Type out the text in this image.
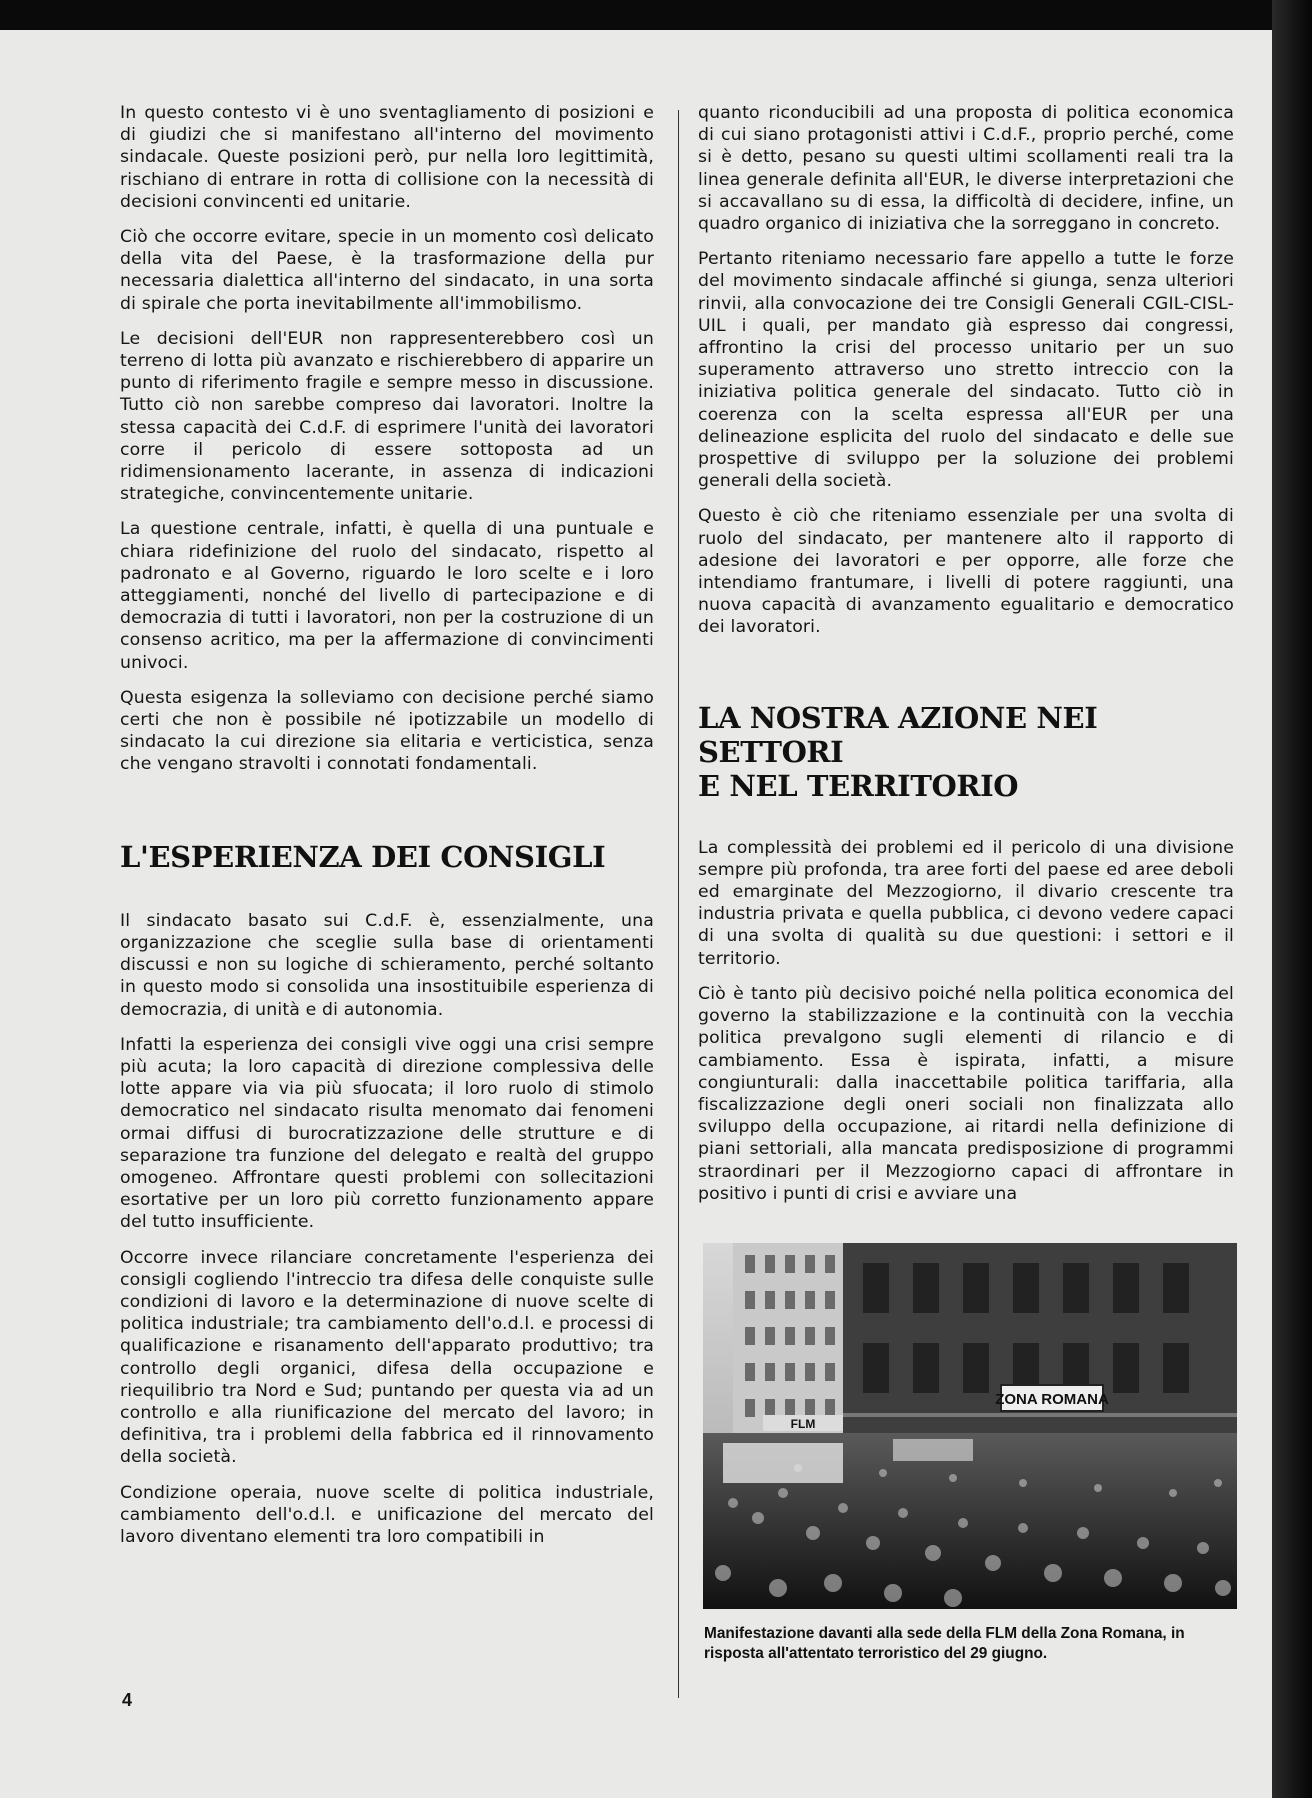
In questo contesto vi è uno sventagliamento di posizioni e di giudizi che si manifestano all'interno del movimento sindacale. Queste posizioni però, pur nella loro legittimità, rischiano di entrare in rotta di collisione con la necessità di decisioni convincenti ed unitarie.

Ciò che occorre evitare, specie in un momento così delicato della vita del Paese, è la trasformazione della pur necessaria dialettica all'interno del sindacato, in una sorta di spirale che porta inevitabilmente all'immobilismo.

Le decisioni dell'EUR non rappresenterebbero così un terreno di lotta più avanzato e rischierebbero di apparire un punto di riferimento fragile e sempre messo in discussione. Tutto ciò non sarebbe compreso dai lavoratori. Inoltre la stessa capacità dei C.d.F. di esprimere l'unità dei lavoratori corre il pericolo di essere sottoposta ad un ridimensionamento lacerante, in assenza di indicazioni strategiche, convincentemente unitarie.

La questione centrale, infatti, è quella di una puntuale e chiara ridefinizione del ruolo del sindacato, rispetto al padronato e al Governo, riguardo le loro scelte e i loro atteggiamenti, nonché del livello di partecipazione e di democrazia di tutti i lavoratori, non per la costruzione di un consenso acritico, ma per la affermazione di convincimenti univoci.

Questa esigenza la solleviamo con decisione perché siamo certi che non è possibile né ipotizzabile un modello di sindacato la cui direzione sia elitaria e verticistica, senza che vengano stravolti i connotati fondamentali.

L'ESPERIENZA DEI CONSIGLI

Il sindacato basato sui C.d.F. è, essenzialmente, una organizzazione che sceglie sulla base di orientamenti discussi e non su logiche di schieramento, perché soltanto in questo modo si consolida una insostituibile esperienza di democrazia, di unità e di autonomia.

Infatti la esperienza dei consigli vive oggi una crisi sempre più acuta; la loro capacità di direzione complessiva delle lotte appare via via più sfuocata; il loro ruolo di stimolo democratico nel sindacato risulta menomato dai fenomeni ormai diffusi di burocratizzazione delle strutture e di separazione tra funzione del delegato e realtà del gruppo omogeneo. Affrontare questi problemi con sollecitazioni esortative per un loro più corretto funzionamento appare del tutto insufficiente.

Occorre invece rilanciare concretamente l'esperienza dei consigli cogliendo l'intreccio tra difesa delle conquiste sulle condizioni di lavoro e la determinazione di nuove scelte di politica industriale; tra cambiamento dell'o.d.l. e processi di qualificazione e risanamento dell'apparato produttivo; tra controllo degli organici, difesa della occupazione e riequilibrio tra Nord e Sud; puntando per questa via ad un controllo e alla riunificazione del mercato del lavoro; in definitiva, tra i problemi della fabbrica ed il rinnovamento della società.

Condizione operaia, nuove scelte di politica industriale, cambiamento dell'o.d.l. e unificazione del mercato del lavoro diventano elementi tra loro compatibili in

quanto riconducibili ad una proposta di politica economica di cui siano protagonisti attivi i C.d.F., proprio perché, come si è detto, pesano su questi ultimi scollamenti reali tra la linea generale definita all'EUR, le diverse interpretazioni che si accavallano su di essa, la difficoltà di decidere, infine, un quadro organico di iniziativa che la sorreggano in concreto.

Pertanto riteniamo necessario fare appello a tutte le forze del movimento sindacale affinché si giunga, senza ulteriori rinvii, alla convocazione dei tre Consigli Generali CGIL-CISL-UIL i quali, per mandato già espresso dai congressi, affrontino la crisi del processo unitario per un suo superamento attraverso uno stretto intreccio con la iniziativa politica generale del sindacato. Tutto ciò in coerenza con la scelta espressa all'EUR per una delineazione esplicita del ruolo del sindacato e delle sue prospettive di sviluppo per la soluzione dei problemi generali della società.

Questo è ciò che riteniamo essenziale per una svolta di ruolo del sindacato, per mantenere alto il rapporto di adesione dei lavoratori e per opporre, alle forze che intendiamo frantumare, i livelli di potere raggiunti, una nuova capacità di avanzamento egualitario e democratico dei lavoratori.

LA NOSTRA AZIONE NEI SETTORI
E NEL TERRITORIO

La complessità dei problemi ed il pericolo di una divisione sempre più profonda, tra aree forti del paese ed aree deboli ed emarginate del Mezzogiorno, il divario crescente tra industria privata e quella pubblica, ci devono vedere capaci di una svolta di qualità su due questioni: i settori e il territorio.

Ciò è tanto più decisivo poiché nella politica economica del governo la stabilizzazione e la continuità con la vecchia politica prevalgono sugli elementi di rilancio e di cambiamento. Essa è ispirata, infatti, a misure congiunturali: dalla inaccettabile politica tariffaria, alla fiscalizzazione degli oneri sociali non finalizzata allo sviluppo della occupazione, ai ritardi nella definizione di piani settoriali, alla mancata predisposizione di programmi straordinari per il Mezzogiorno capaci di affrontare in positivo i punti di crisi e avviare una

ZONA ROMANA
FLM
Manifestazione davanti alla sede della FLM della Zona Romana, in
risposta all'attentato terroristico del 29 giugno.
4
